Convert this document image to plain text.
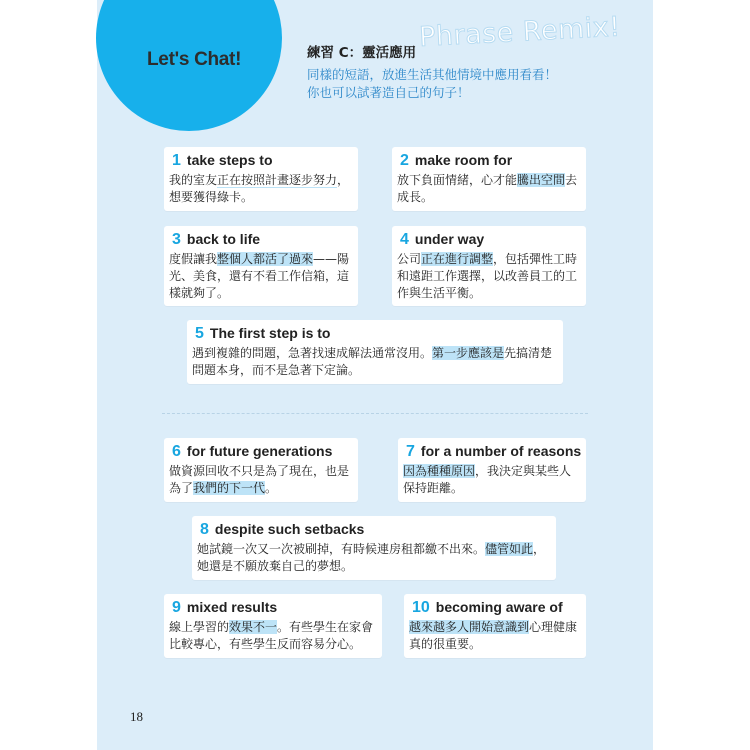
Let's Chat!	練習 C：靈活應用 Phrase Remix!
同樣的短語，放進生活其他情境中應用看看！
你也可以試著造自己的句子！
1 take steps to
我的室友正在按照計畫逐步努力，想要獲得綠卡。
2 make room for
放下負面情緒，心才能騰出空間去成長。
3 back to life
度假讓我整個人都活了過來——陽光、美食，還有不看工作信箱，這樣就夠了。
4 under way
公司正在進行調整，包括彈性工時和遠距工作選擇，以改善員工的工作與生活平衡。
5 The first step is to
遇到複雜的問題，急著找速成解法通常沒用。第一步應該是先搞清楚問題本身，而不是急著下定論。
6 for future generations
做資源回收不只是為了現在，也是為了我們的下一代。
7 for a number of reasons
因為種種原因，我決定與某些人保持距離。
8 despite such setbacks
她試鏡一次又一次被刷掉，有時候連房租都繳不出來。儘管如此，她還是不願放棄自己的夢想。
9 mixed results
線上學習的效果不一。有些學生在家會比較專心，有些學生反而容易分心。
10 becoming aware of
越來越多人開始意識到心理健康真的很重要。
18
